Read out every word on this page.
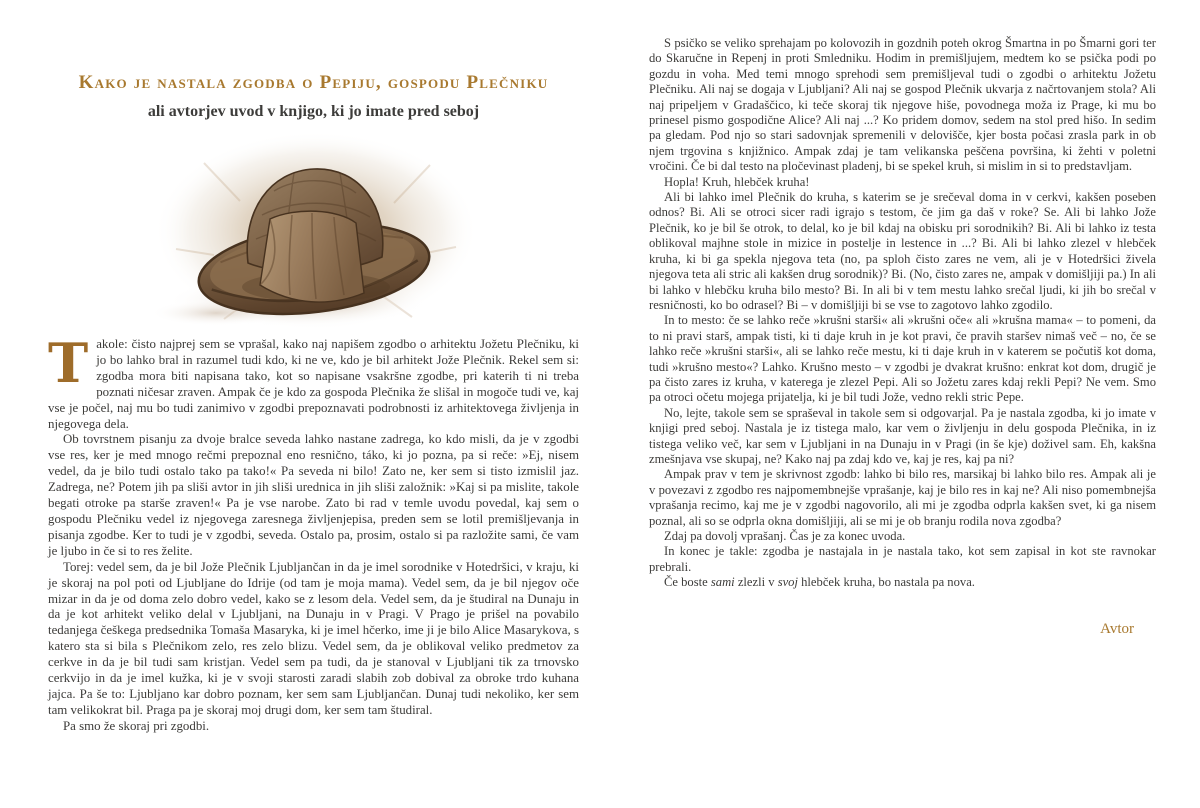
Kako je nastala zgodba o Pepiju, gospodu Plečniku
ali avtorjev uvod v knjigo, ki jo imate pred seboj

Takole: čisto najprej sem se vprašal, kako naj napišem zgodbo o arhitektu Jožetu Plečniku, ki jo bo lahko bral in razumel tudi kdo, ki ne ve, kdo je bil arhitekt Jože Plečnik. Rekel sem si: zgodba mora biti napisana tako, kot so napisane vsakršne zgodbe, pri katerih ti ni treba poznati ničesar zraven. Ampak če je kdo za gospoda Plečnika že slišal in mogoče tudi ve, kaj vse je počel, naj mu bo tudi zanimivo v zgodbi prepoznavati podrobnosti iz arhitektovega življenja in njegovega dela.

Ob tovrstnem pisanju za dvoje bralce seveda lahko nastane zadrega, ko kdo misli, da je v zgodbi vse res, ker je med mnogo rečmi prepoznal eno resnično, táko, ki jo pozna, pa si reče: »Ej, nisem vedel, da je bilo tudi ostalo tako pa tako!« Pa seveda ni bilo! Zato ne, ker sem si tisto izmislil jaz. Zadrega, ne? Potem jih pa sliši avtor in jih sliši urednica in jih sliši založnik: »Kaj si pa mislite, takole begati otroke pa starše zraven!« Pa je vse narobe. Zato bi rad v temle uvodu povedal, kaj sem o gospodu Plečniku vedel iz njegovega zaresnega življenjepisa, preden sem se lotil premišljevanja in pisanja zgodbe. Ker to tudi je v zgodbi, seveda. Ostalo pa, prosim, ostalo si pa razložite sami, če vam je ljubo in če si to res želite.

Torej: vedel sem, da je bil Jože Plečnik Ljubljančan in da je imel sorodnike v Hotedršici, v kraju, ki je skoraj na pol poti od Ljubljane do Idrije (od tam je moja mama). Vedel sem, da je bil njegov oče mizar in da je od doma zelo dobro vedel, kako se z lesom dela. Vedel sem, da je študiral na Dunaju in da je kot arhitekt veliko delal v Ljubljani, na Dunaju in v Pragi. V Prago je prišel na povabilo tedanjega češkega predsednika Tomaša Masaryka, ki je imel hčerko, ime ji je bilo Alice Masarykova, s katero sta si bila s Plečnikom zelo, res zelo blizu. Vedel sem, da je oblikoval veliko predmetov za cerkve in da je bil tudi sam kristjan. Vedel sem pa tudi, da je stanoval v Ljubljani tik za trnovsko cerkvijo in da je imel kužka, ki je v svoji starosti zaradi slabih zob dobival za obroke trdo kuhana jajca. Pa še to: Ljubljano kar dobro poznam, ker sem sam Ljubljančan. Dunaj tudi nekoliko, ker sem tam velikokrat bil. Praga pa je skoraj moj drugi dom, ker sem tam študiral.

Pa smo že skoraj pri zgodbi.

S psičko se veliko sprehajam po kolovozih in gozdnih poteh okrog Šmartna in po Šmarni gori ter do Skaručne in Repenj in proti Smledniku. Hodim in premišljujem, medtem ko se psička podi po gozdu in voha. Med temi mnogo sprehodi sem premišljeval tudi o zgodbi o arhitektu Jožetu Plečniku. Ali naj se dogaja v Ljubljani? Ali naj se gospod Plečnik ukvarja z načrtovanjem stola? Ali naj pripeljem v Gradaščico, ki teče skoraj tik njegove hiše, povodnega moža iz Prage, ki mu bo prinesel pismo gospodične Alice? Ali naj ...? Ko pridem domov, sedem na stol pred hišo. In sedim pa gledam. Pod njo so stari sadovnjak spremenili v delovišče, kjer bosta počasi zrasla park in ob njem trgovina s knjižnico. Ampak zdaj je tam velikanska peščena površina, ki žehti v poletni vročini. Če bi dal testo na pločevinast pladenj, bi se spekel kruh, si mislim in si to predstavljam.

Hopla! Kruh, hlebček kruha!

Ali bi lahko imel Plečnik do kruha, s katerim se je srečeval doma in v cerkvi, kakšen poseben odnos? Bi. Ali se otroci sicer radi igrajo s testom, če jim ga daš v roke? Se. Ali bi lahko Jože Plečnik, ko je bil še otrok, to delal, ko je bil kdaj na obisku pri sorodnikih? Bi. Ali bi lahko iz testa oblikoval majhne stole in mizice in postelje in lestence in ...? Bi. Ali bi lahko zlezel v hlebček kruha, ki bi ga spekla njegova teta (no, pa sploh čisto zares ne vem, ali je v Hotedršici živela njegova teta ali stric ali kakšen drug sorodnik)? Bi. (No, čisto zares ne, ampak v domišljiji pa.) In ali bi lahko v hlebčku kruha bilo mesto? Bi. In ali bi v tem mestu lahko srečal ljudi, ki jih bo srečal v resničnosti, ko bo odrasel? Bi – v domišljiji bi se vse to zagotovo lahko zgodilo.

In to mesto: če se lahko reče »krušni starši« ali »krušni oče« ali »krušna mama« – to pomeni, da to ni pravi starš, ampak tisti, ki ti daje kruh in je kot pravi, če pravih staršev nimaš več – no, če se lahko reče »krušni starši«, ali se lahko reče mestu, ki ti daje kruh in v katerem se počutiš kot doma, tudi »krušno mesto«? Lahko. Krušno mesto – v zgodbi je dvakrat krušno: enkrat kot dom, drugič je pa čisto zares iz kruha, v katerega je zlezel Pepi. Ali so Jožetu zares kdaj rekli Pepi? Ne vem. Smo pa otroci očetu mojega prijatelja, ki je bil tudi Jože, vedno rekli stric Pepe.

No, lejte, takole sem se spraševal in takole sem si odgovarjal. Pa je nastala zgodba, ki jo imate v knjigi pred seboj. Nastala je iz tistega malo, kar vem o življenju in delu gospoda Plečnika, in iz tistega veliko več, kar sem v Ljubljani in na Dunaju in v Pragi (in še kje) doživel sam. Eh, kakšna zmešnjava vse skupaj, ne? Kako naj pa zdaj kdo ve, kaj je res, kaj pa ni?

Ampak prav v tem je skrivnost zgodb: lahko bi bilo res, marsikaj bi lahko bilo res. Ampak ali je v povezavi z zgodbo res najpomembnejše vprašanje, kaj je bilo res in kaj ne? Ali niso pomembnejša vprašanja recimo, kaj me je v zgodbi nagovorilo, ali mi je zgodba odprla kakšen svet, ki ga nisem poznal, ali so se odprla okna domišljiji, ali se mi je ob branju rodila nova zgodba?

Zdaj pa dovolj vprašanj. Čas je za konec uvoda.

In konec je takle: zgodba je nastajala in je nastala tako, kot sem zapisal in kot ste ravnokar prebrali.

Če boste sami zlezli v svoj hlebček kruha, bo nastala pa nova.

Avtor
